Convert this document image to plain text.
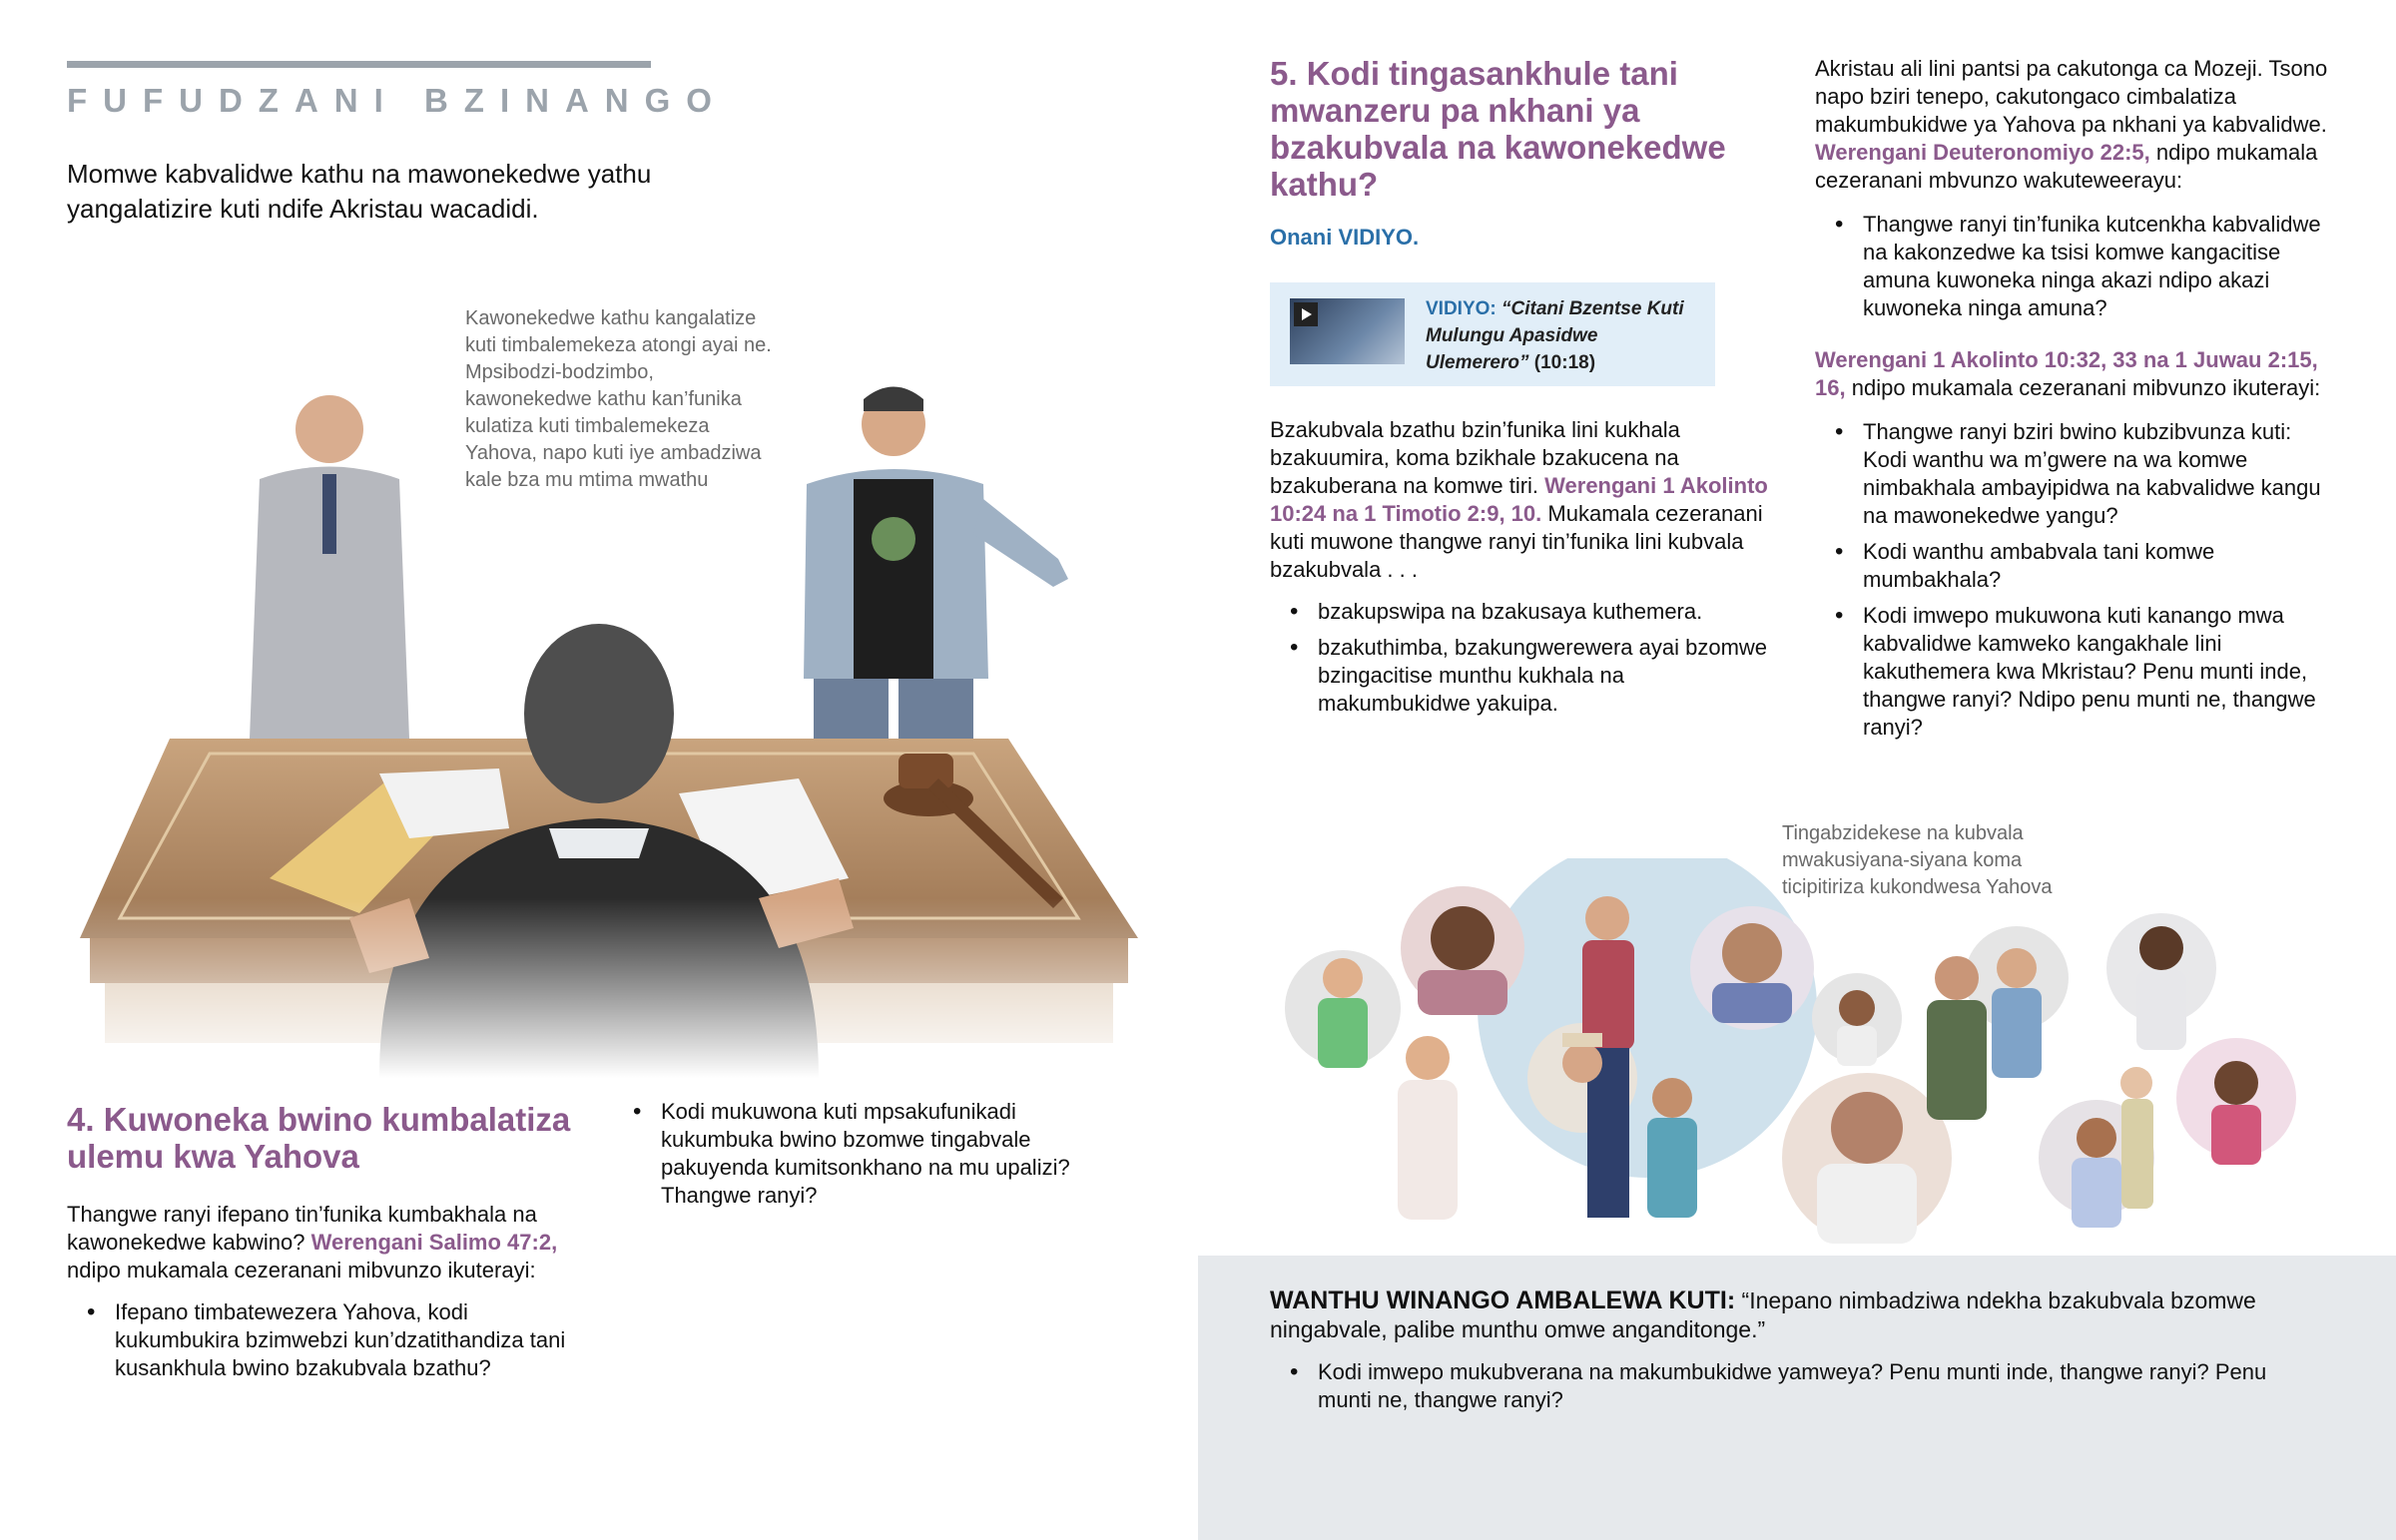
FUFUDZANI BZINANGO
Momwe kabvalidwe kathu na mawonekedwe yathu yangalatizire kuti ndife Akristau wacadidi.
Kawonekedwe kathu kangalatize kuti timbalemekeza atongi ayai ne. Mpsibodzi-bodzimbo, kawonekedwe kathu kan’funika kulatiza kuti timbalemekeza Yahova, napo kuti iye ambadziwa kale bza mu mtima mwathu
4. Kuwoneka bwino kumbalatiza ulemu kwa Yahova

Thangwe ranyi ifepano tin’funika kumbakhala na kawonekedwe kabwino? Werengani Salimo 47:2, ndipo mukamala cezeranani mibvunzo ikuterayi:

• Ifepano timbatewezera Yahova, kodi kukumbukira bzimwebzi kun’dzatithandiza tani kusankhula bwino bzakubvala bzathu?
• Kodi mukuwona kuti mpsakufunikadi kukumbuka bwino bzomwe tingabvale pakuyenda kumitsonkhano na mu upalizi? Thangwe ranyi?
5. Kodi tingasankhule tani mwanzeru pa nkhani ya bzakubvala na kawonekedwe kathu?
Onani VIDIYO.
VIDIYO: “Citani Bzentse Kuti Mulungu Apasidwe Ulemerero” (10:18)

Bzakubvala bzathu bzin’funika lini kukhala bzakuumira, koma bzikhale bzakucena na bzakuberana na komwe tiri. Werengani 1 Akolinto 10:24 na 1 Timotio 2:9, 10. Mukamala cezeranani kuti muwone thangwe ranyi tin’funika lini kubvala bzakubvala . . .

• bzakupswipa na bzakusaya kuthemera.
• bzakuthimba, bzakungwerewera ayai bzomwe bzingacitise munthu kukhala na makumbukidwe yakuipa.

Akristau ali lini pantsi pa cakutonga ca Mozeji. Tsono napo bziri tenepo, cakutongaco cimbalatiza makumbukidwe ya Yahova pa nkhani ya kabvalidwe. Werengani Deuteronomiyo 22:5, ndipo mukamala cezeranani mbvunzo wakuteweerayu:

• Thangwe ranyi tin’funika kutcenkha kabvalidwe na kakonzedwe ka tsisi komwe kangacitise amuna kuwoneka ninga akazi ndipo akazi kuwoneka ninga amuna?

Werengani 1 Akolinto 10:32, 33 na 1 Juwau 2:15, 16, ndipo mukamala cezeranani mibvunzo ikuterayi:

• Thangwe ranyi bziri bwino kubzibvunza kuti: Kodi wanthu wa m’gwere na wa komwe nimbakhala ambayipidwa na kabvalidwe kangu na mawonekedwe yangu?
• Kodi wanthu ambabvala tani komwe mumbakhala?
• Kodi imwepo mukuwona kuti kanango mwa kabvalidwe kamweko kangakhale lini kakuthemera kwa Mkristau? Penu munti inde, thangwe ranyi? Ndipo penu munti ne, thangwe ranyi?
Tingabzidekese na kubvala mwakusiyana-siyana koma ticipitiriza kukondwesa Yahova

WANTHU WINANGO AMBALEWA KUTI: “Inepano nimbadziwa ndekha bzakubvala bzomwe ningabvale, palibe munthu omwe anganditonge.”

• Kodi imwepo mukubverana na makumbukidwe yamweya? Penu munti inde, thangwe ranyi? Penu munti ne, thangwe ranyi?
